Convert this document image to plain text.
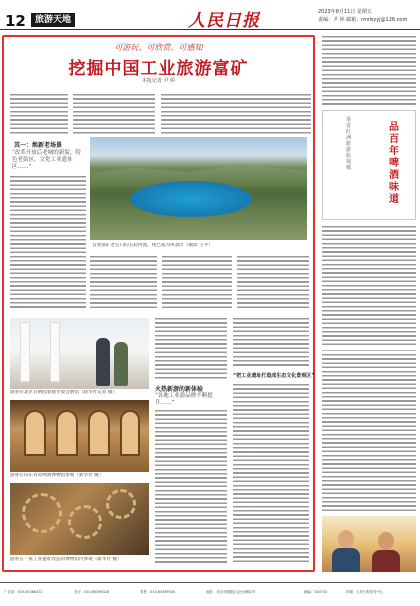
12	旅游天地	人民日报	2023年8月11日 星期五
责编：尹 婷 邮箱：rmrbyyj@126.com
可游玩、可欣赏、可感知
挖掘中国工业旅游富矿
本报记者 尹 婷
其一：焕新老场景
“改革开放后老城的新貌、特色老街区、文化工业遗址区……”
宜春盐矿老宕口的五彩河流，现已成为风景区（摄影 王平）
游客在北京首钢园参观冬奥会展馆（新华社记者 摄）
游客在山东青岛啤酒博物馆参观（新华社 摄）
游客在一家工业遗址改造的博物馆内参观（新华社 摄）
火热新游的新体验
“各地工业游品牌不断提升……”
“把工业遗址打造成生态文化景观区”
茶香红洲旅游影视城
品百年啤酒味道
广告部：010-65368372	发行：010-65369328	零售：010-65369330	地址：北京市朝阳区金台西路2号	邮编：100733	印刷：人民日报印务中心
